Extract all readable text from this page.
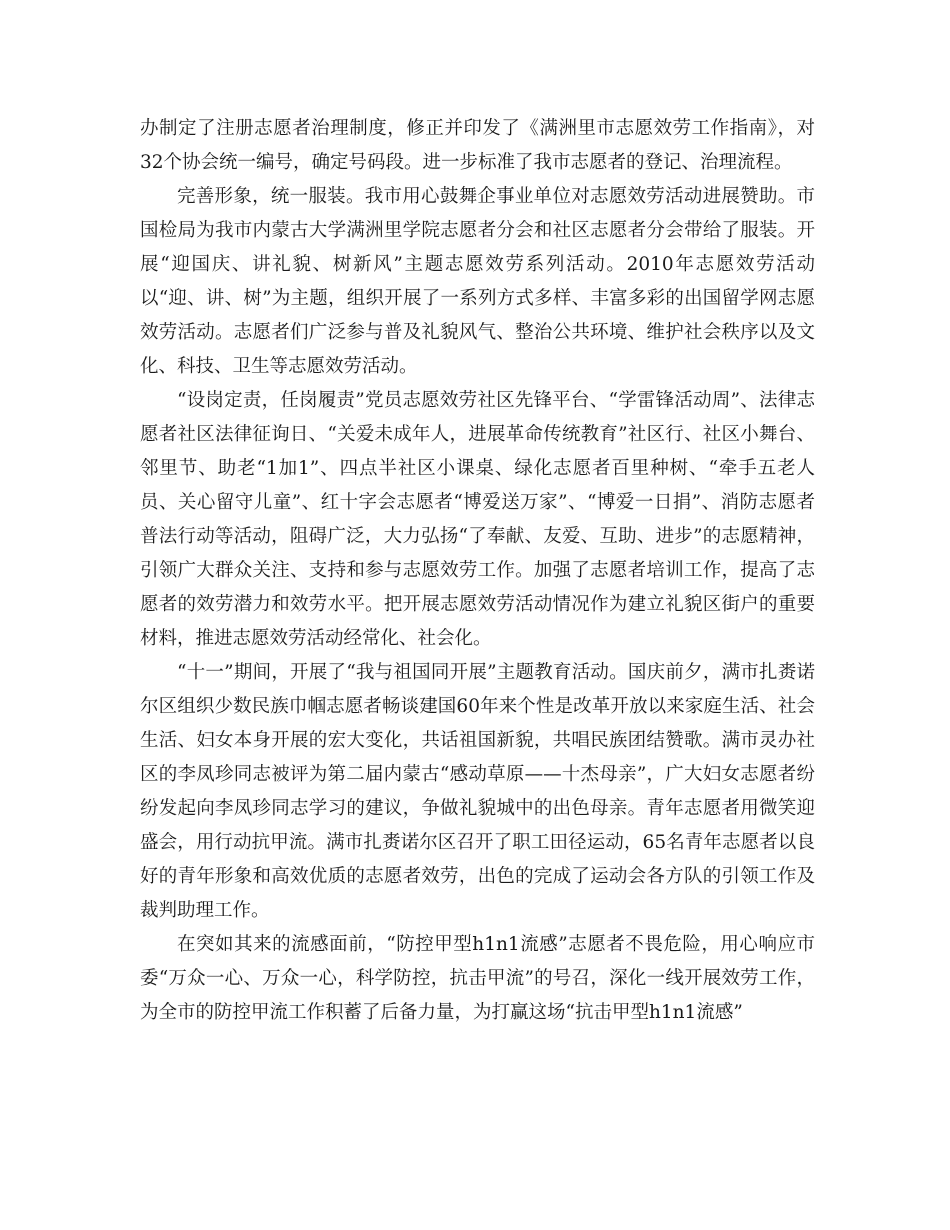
办制定了注册志愿者治理制度，修正并印发了《满洲里市志愿效劳工作指南》，对32个协会统一编号，确定号码段。进一步标准了我市志愿者的登记、治理流程。

完善形象，统一服装。我市用心鼓舞企事业单位对志愿效劳活动进展赞助。市国检局为我市内蒙古大学满洲里学院志愿者分会和社区志愿者分会带给了服装。开展“迎国庆、讲礼貌、树新风”主题志愿效劳系列活动。2010年志愿效劳活动以“迎、讲、树”为主题，组织开展了一系列方式多样、丰富多彩的出国留学网志愿效劳活动。志愿者们广泛参与普及礼貌风气、整治公共环境、维护社会秩序以及文化、科技、卫生等志愿效劳活动。

“设岗定责，任岗履责”党员志愿效劳社区先锋平台、“学雷锋活动周”、法律志愿者社区法律征询日、“关爱未成年人，进展革命传统教育”社区行、社区小舞台、邻里节、助老“1加1”、四点半社区小课桌、绿化志愿者百里种树、“牵手五老人员、关心留守儿童”、红十字会志愿者“博爱送万家”、“博爱一日捐”、消防志愿者普法行动等活动，阻碍广泛，大力弘扬“了奉献、友爱、互助、进步”的志愿精神，引领广大群众关注、支持和参与志愿效劳工作。加强了志愿者培训工作，提高了志愿者的效劳潜力和效劳水平。把开展志愿效劳活动情况作为建立礼貌区街户的重要材料，推进志愿效劳活动经常化、社会化。

“十一”期间，开展了“我与祖国同开展”主题教育活动。国庆前夕，满市扎赉诺尔区组织少数民族巾帼志愿者畅谈建国60年来个性是改革开放以来家庭生活、社会生活、妇女本身开展的宏大变化，共话祖国新貌，共唱民族团结赞歌。满市灵办社区的李凤珍同志被评为第二届内蒙古“感动草原——十杰母亲”，广大妇女志愿者纷纷发起向李凤珍同志学习的建议，争做礼貌城中的出色母亲。青年志愿者用微笑迎盛会，用行动抗甲流。满市扎赉诺尔区召开了职工田径运动，65名青年志愿者以良好的青年形象和高效优质的志愿者效劳，出色的完成了运动会各方队的引领工作及裁判助理工作。

在突如其来的流感面前，“防控甲型h1n1流感”志愿者不畏危险，用心响应市委“万众一心、万众一心，科学防控，抗击甲流”的号召，深化一线开展效劳工作，为全市的防控甲流工作积蓄了后备力量，为打赢这场“抗击甲型h1n1流感”
